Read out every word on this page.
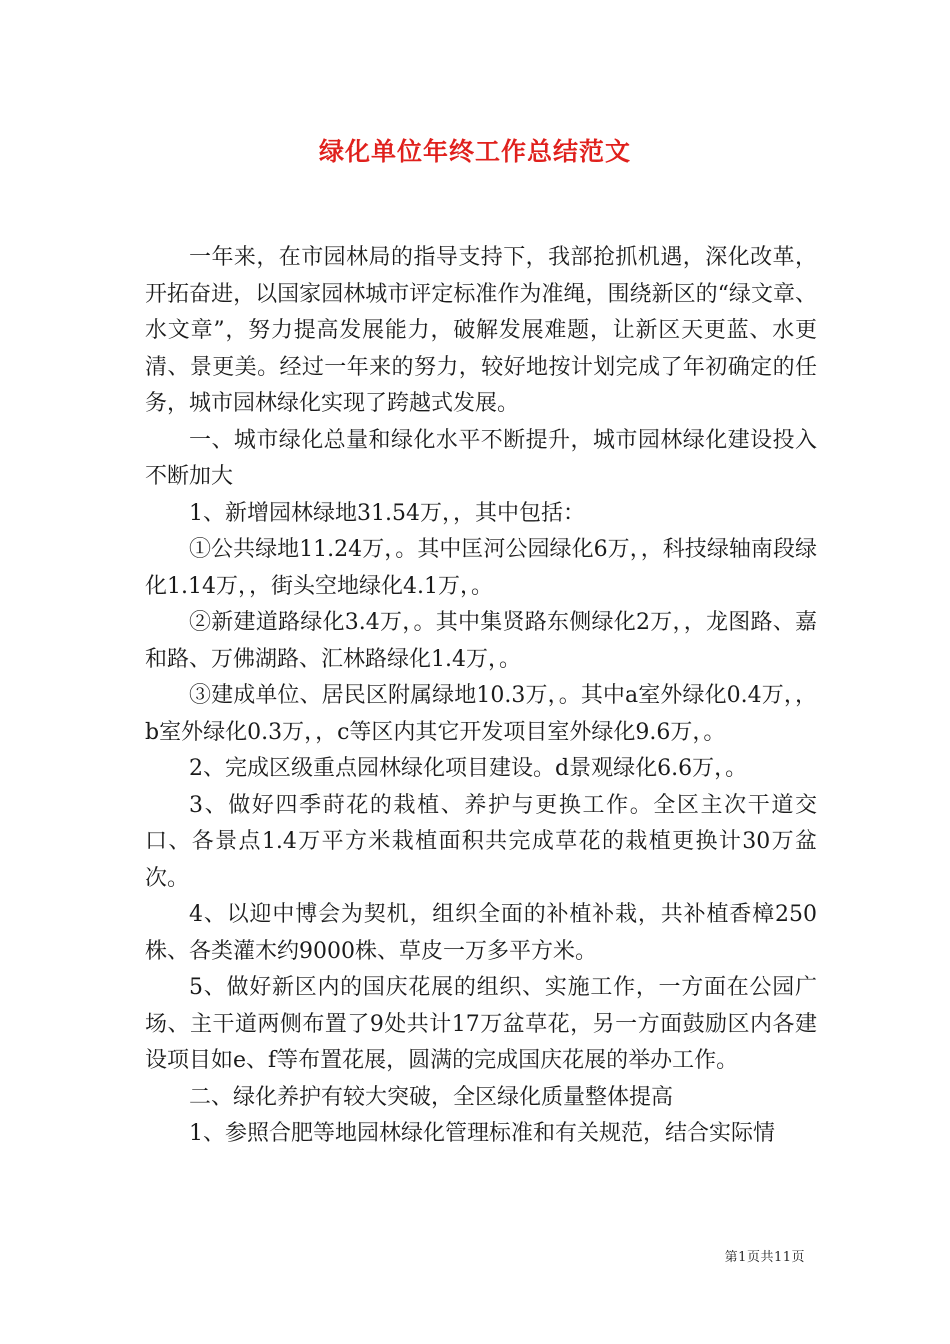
绿化单位年终工作总结范文

一年来，在市园林局的指导支持下，我部抢抓机遇，深化改革，开拓奋进，以国家园林城市评定标准作为准绳，围绕新区的“绿文章、水文章”，努力提高发展能力，破解发展难题，让新区天更蓝、水更清、景更美。经过一年来的努力，较好地按计划完成了年初确定的任务，城市园林绿化实现了跨越式发展。

一、城市绿化总量和绿化水平不断提升，城市园林绿化建设投入不断加大

1、新增园林绿地31.54万，，其中包括：

①公共绿地11.24万，。其中匡河公园绿化6万，，科技绿轴南段绿化1.14万，，街头空地绿化4.1万，。

②新建道路绿化3.4万，。其中集贤路东侧绿化2万，，龙图路、嘉和路、万佛湖路、汇林路绿化1.4万，。

③建成单位、居民区附属绿地10.3万，。其中a室外绿化0.4万，，b室外绿化0.3万，，c等区内其它开发项目室外绿化9.6万，。

2、完成区级重点园林绿化项目建设。d景观绿化6.6万，。

3、做好四季莳花的栽植、养护与更换工作。全区主次干道交口、各景点1.4万平方米栽植面积共完成草花的栽植更换计30万盆次。

4、以迎中博会为契机，组织全面的补植补栽，共补植香樟250株、各类灌木约9000株、草皮一万多平方米。

5、做好新区内的国庆花展的组织、实施工作，一方面在公园广场、主干道两侧布置了9处共计17万盆草花，另一方面鼓励区内各建设项目如e、f等布置花展，圆满的完成国庆花展的举办工作。

二、绿化养护有较大突破，全区绿化质量整体提高

1、参照合肥等地园林绿化管理标准和有关规范，结合实际情

第1页共11页
